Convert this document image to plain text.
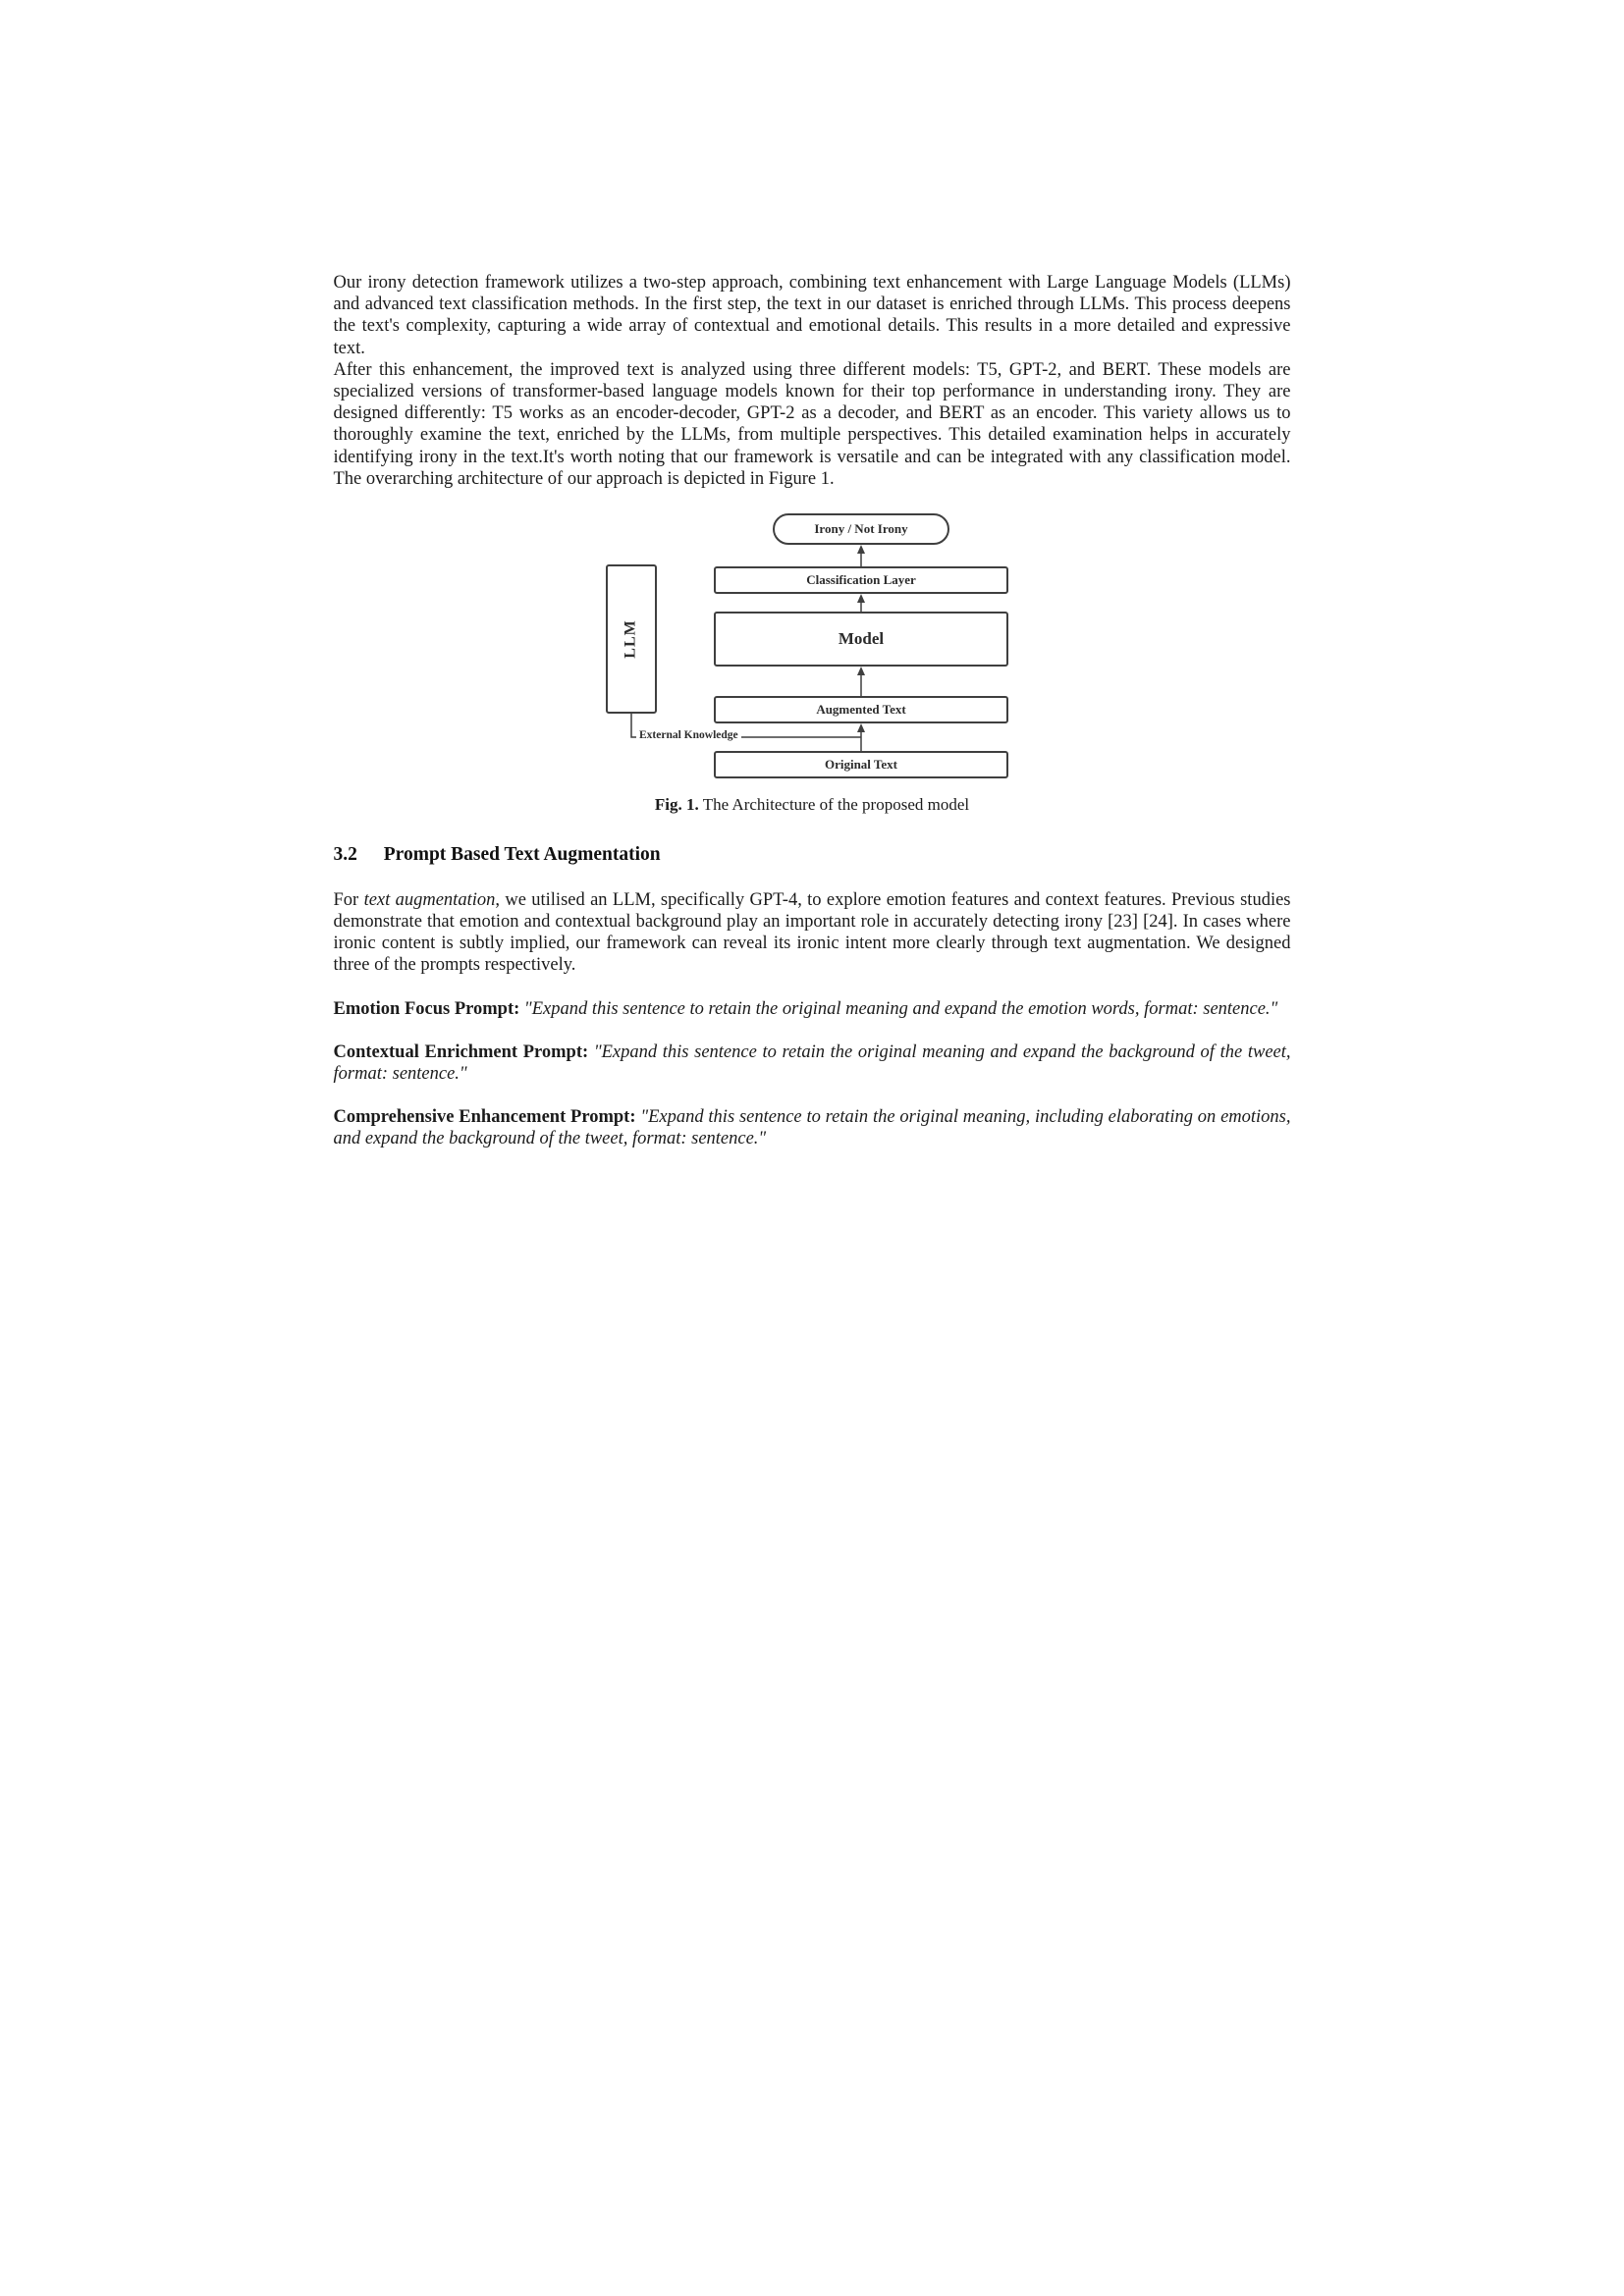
Our irony detection framework utilizes a two-step approach, combining text enhancement with Large Language Models (LLMs) and advanced text classification methods. In the first step, the text in our dataset is enriched through LLMs. This process deepens the text's complexity, capturing a wide array of contextual and emotional details. This results in a more detailed and expressive text.

After this enhancement, the improved text is analyzed using three different models: T5, GPT-2, and BERT. These models are specialized versions of transformer-based language models known for their top performance in understanding irony. They are designed differently: T5 works as an encoder-decoder, GPT-2 as a decoder, and BERT as an encoder. This variety allows us to thoroughly examine the text, enriched by the LLMs, from multiple perspectives. This detailed examination helps in accurately identifying irony in the text.It's worth noting that our framework is versatile and can be integrated with any classification model. The overarching architecture of our approach is depicted in Figure 1.

Irony / Not Irony
Classification Layer
Model
Augmented Text
Original Text
LLM
External Knowledge
Fig. 1. The Architecture of the proposed model
3.2 Prompt Based Text Augmentation

For text augmentation, we utilised an LLM, specifically GPT-4, to explore emotion features and context features. Previous studies demonstrate that emotion and contextual background play an important role in accurately detecting irony [23] [24]. In cases where ironic content is subtly implied, our framework can reveal its ironic intent more clearly through text augmentation. We designed three of the prompts respectively.

Emotion Focus Prompt: "Expand this sentence to retain the original meaning and expand the emotion words, format: sentence."

Contextual Enrichment Prompt: "Expand this sentence to retain the original meaning and expand the background of the tweet, format: sentence."

Comprehensive Enhancement Prompt: "Expand this sentence to retain the original meaning, including elaborating on emotions, and expand the background of the tweet, format: sentence."
